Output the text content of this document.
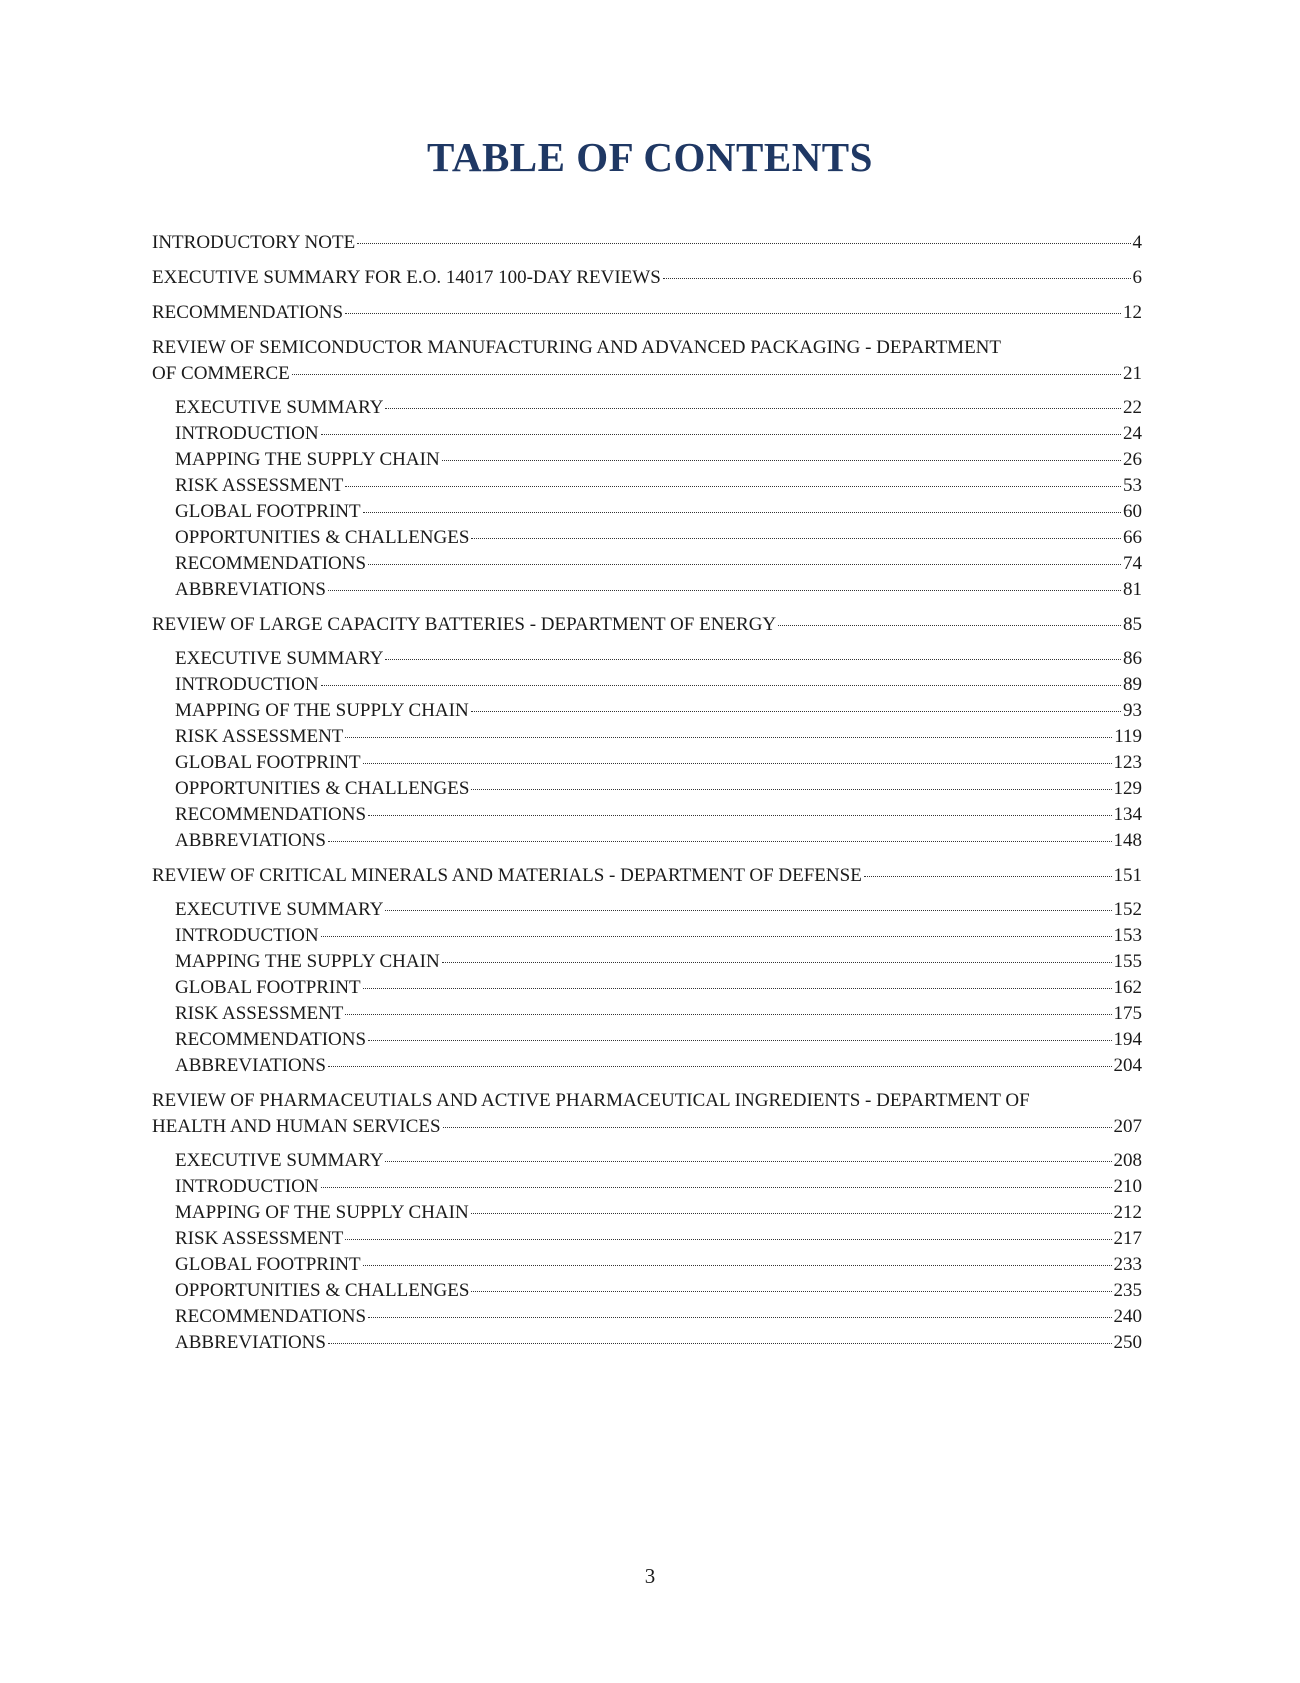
TABLE OF CONTENTS
INTRODUCTORY NOTE	4
EXECUTIVE SUMMARY FOR E.O. 14017 100-DAY REVIEWS	6
RECOMMENDATIONS	12
REVIEW OF SEMICONDUCTOR MANUFACTURING AND ADVANCED PACKAGING - DEPARTMENT
OF COMMERCE	21
EXECUTIVE SUMMARY	22
INTRODUCTION	24
MAPPING THE SUPPLY CHAIN	26
RISK ASSESSMENT	53
GLOBAL FOOTPRINT	60
OPPORTUNITIES & CHALLENGES	66
RECOMMENDATIONS	74
ABBREVIATIONS	81
REVIEW OF LARGE CAPACITY BATTERIES - DEPARTMENT OF ENERGY	85
EXECUTIVE SUMMARY	86
INTRODUCTION	89
MAPPING OF THE SUPPLY CHAIN	93
RISK ASSESSMENT	119
GLOBAL FOOTPRINT	123
OPPORTUNITIES & CHALLENGES	129
RECOMMENDATIONS	134
ABBREVIATIONS	148
REVIEW OF CRITICAL MINERALS AND MATERIALS - DEPARTMENT OF DEFENSE	151
EXECUTIVE SUMMARY	152
INTRODUCTION	153
MAPPING THE SUPPLY CHAIN	155
GLOBAL FOOTPRINT	162
RISK ASSESSMENT	175
RECOMMENDATIONS	194
ABBREVIATIONS	204
REVIEW OF PHARMACEUTIALS AND ACTIVE PHARMACEUTICAL INGREDIENTS - DEPARTMENT OF
HEALTH AND HUMAN SERVICES	207
EXECUTIVE SUMMARY	208
INTRODUCTION	210
MAPPING OF THE SUPPLY CHAIN	212
RISK ASSESSMENT	217
GLOBAL FOOTPRINT	233
OPPORTUNITIES & CHALLENGES	235
RECOMMENDATIONS	240
ABBREVIATIONS	250
3
